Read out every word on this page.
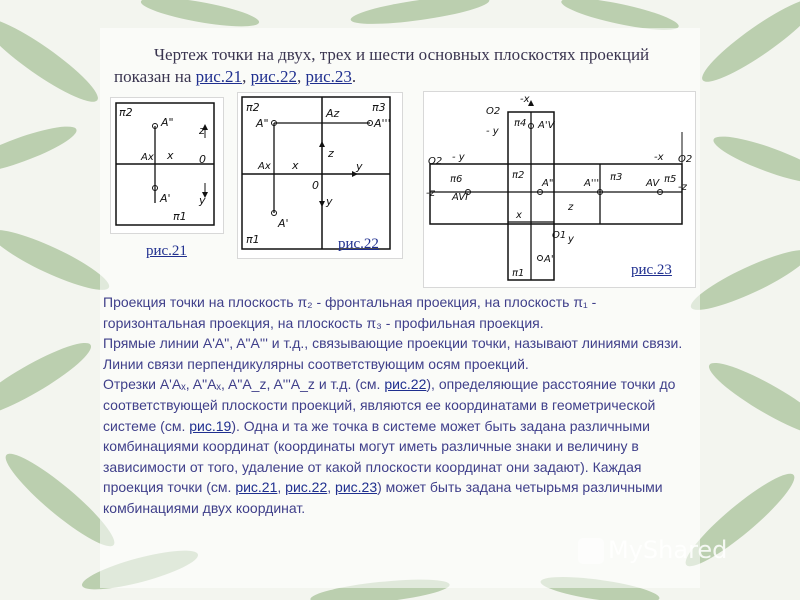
Чертеж точки на двух, трех и шести основных плоскостях проекций показан на рис.21, рис.22, рис.23.
π2
A"
z
Ax x 0
A'	y
π1
рис.21
π2	π3
A"
Az
A'''
z
Ax x	y
0
y
A'
π1	рис.22
-x
O2
- y
π4 A'V
O2 - y
-z
π6
AVI
π2
A"	A'''
π3
AV π5
-x O2
-z
x
z
O1 y
A'
π1	рис.23

Проекция точки на плоскость π₂ - фронтальная проекция, на плоскость π₁ - горизонтальная проекция, на плоскость π₃ - профильная проекция.

Прямые линии A'A", A"A''' и т.д., связывающие проекции точки, называют линиями связи. Линии связи перпендикулярны соответствующим осям проекций.

Отрезки A'Aₓ, A"Aₓ, A"A_z, A'''A_z и т.д. (см. рис.22), определяющие расстояние точки до соответствующей плоскости проекций, являются ее координатами в геометрической системе (см. рис.19). Одна и та же точка в системе может быть задана различными комбинациями координат (координаты могут иметь различные знаки и величину в зависимости от того, удаление от какой плоскости координат они задают). Каждая проекция точки (см. рис.21, рис.22, рис.23) может быть задана четырьмя различными комбинациями двух координат.

MyShared
